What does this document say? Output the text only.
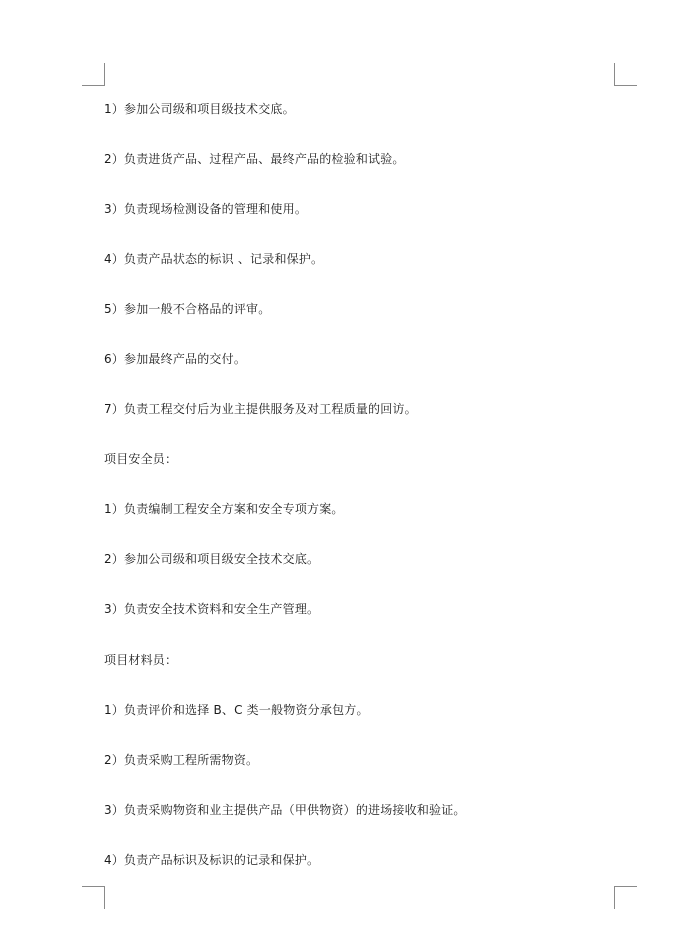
1）参加公司级和项目级技术交底。
2）负责进货产品、过程产品、最终产品的检验和试验。
3）负责现场检测设备的管理和使用。
4）负责产品状态的标识 、记录和保护。
5）参加一般不合格品的评审。
6）参加最终产品的交付。
7）负责工程交付后为业主提供服务及对工程质量的回访。
项目安全员：
1）负责编制工程安全方案和安全专项方案。
2）参加公司级和项目级安全技术交底。
3）负责安全技术资料和安全生产管理。
项目材料员：
1）负责评价和选择 B、C 类一般物资分承包方。
2）负责采购工程所需物资。
3）负责采购物资和业主提供产品（甲供物资）的进场接收和验证。
4）负责产品标识及标识的记录和保护。
